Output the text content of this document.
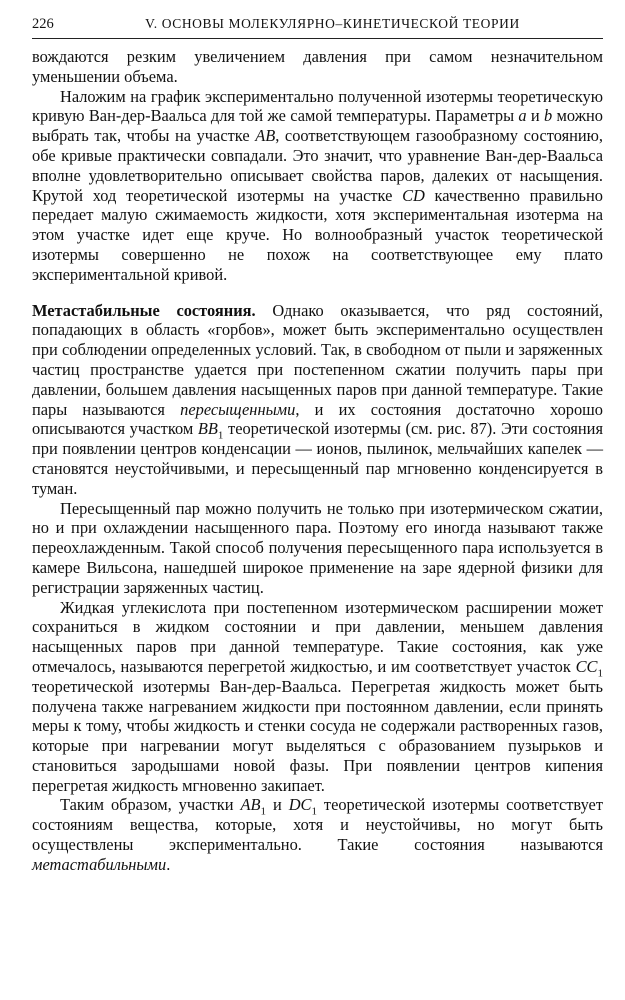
226	V. ОСНОВЫ МОЛЕКУЛЯРНО–КИНЕТИЧЕСКОЙ ТЕОРИИ

вождаются резким увеличением давления при самом незначительном уменьшении объема.

Наложим на график экспериментально полученной изотермы теоретическую кривую Ван-дер-Ваальса для той же самой температуры. Параметры a и b можно выбрать так, чтобы на участке AB, соответствующем газообразному состоянию, обе кривые практически совпадали. Это значит, что уравнение Ван-дер-Ваальса вполне удовлетворительно описывает свойства паров, далеких от насыщения. Крутой ход теоретической изотермы на участке CD качественно правильно передает малую сжимаемость жидкости, хотя экспериментальная изотерма на этом участке идет еще круче. Но волнообразный участок теоретической изотермы совершенно не похож на соответствующее ему плато экспериментальной кривой.

Метастабильные состояния. Однако оказывается, что ряд состояний, попадающих в область «горбов», может быть экспериментально осуществлен при соблюдении определенных условий. Так, в свободном от пыли и заряженных частиц пространстве удается при постепенном сжатии получить пары при давлении, большем давления насыщенных паров при данной температуре. Такие пары называются пересыщенными, и их состояния достаточно хорошо описываются участком $BB_1$ теоретической изотермы (см. рис. 87). Эти состояния при появлении центров конденсации — ионов, пылинок, мельчайших капелек — становятся неустойчивыми, и пересыщенный пар мгновенно конденсируется в туман.

Пересыщенный пар можно получить не только при изотермическом сжатии, но и при охлаждении насыщенного пара. Поэтому его иногда называют также переохлажденным. Такой способ получения пересыщенного пара используется в камере Вильсона, нашедшей широкое применение на заре ядерной физики для регистрации заряженных частиц.

Жидкая углекислота при постепенном изотермическом расширении может сохраниться в жидком состоянии и при давлении, меньшем давления насыщенных паров при данной температуре. Такие состояния, как уже отмечалось, называются перегретой жидкостью, и им соответствует участок $CC_1$ теоретической изотермы Ван-дер-Ваальса. Перегретая жидкость может быть получена также нагреванием жидкости при постоянном давлении, если принять меры к тому, чтобы жидкость и стенки сосуда не содержали растворенных газов, которые при нагревании могут выделяться с образованием пузырьков и становиться зародышами новой фазы. При появлении центров кипения перегретая жидкость мгновенно закипает.

Таким образом, участки $AB_1$ и $DC_1$ теоретической изотермы соответствует состояниям вещества, которые, хотя и неустойчивы, но могут быть осуществлены экспериментально. Такие состояния называются метастабильными.
